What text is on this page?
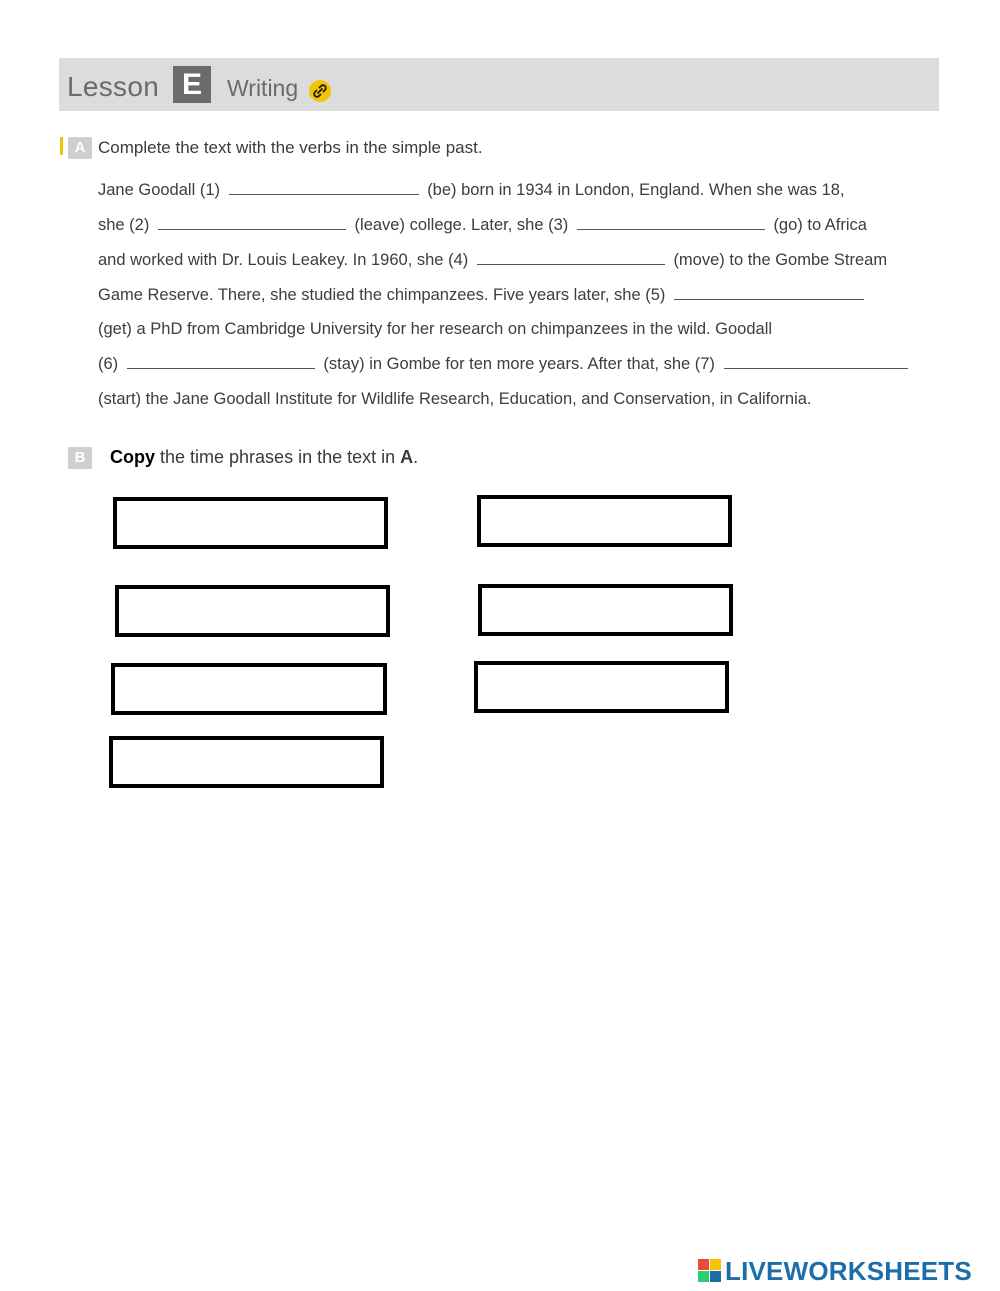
Lesson E	Writing
A Complete the text with the verbs in the simple past.
Jane Goodall (1)	(be) born in 1934 in London, England. When she was 18,
she (2)	(leave) college. Later, she (3)	(go) to Africa
and worked with Dr. Louis Leakey. In 1960, she (4)	(move) to the Gombe Stream
Game Reserve. There, she studied the chimpanzees. Five years later, she (5)
(get) a PhD from Cambridge University for her research on chimpanzees in the wild. Goodall
(6)	(stay) in Gombe for ten more years. After that, she (7)
(start) the Jane Goodall Institute for Wildlife Research, Education, and Conservation, in California.
B	Copy the time phrases in the text in A.
LIVEWORKSHEETS
